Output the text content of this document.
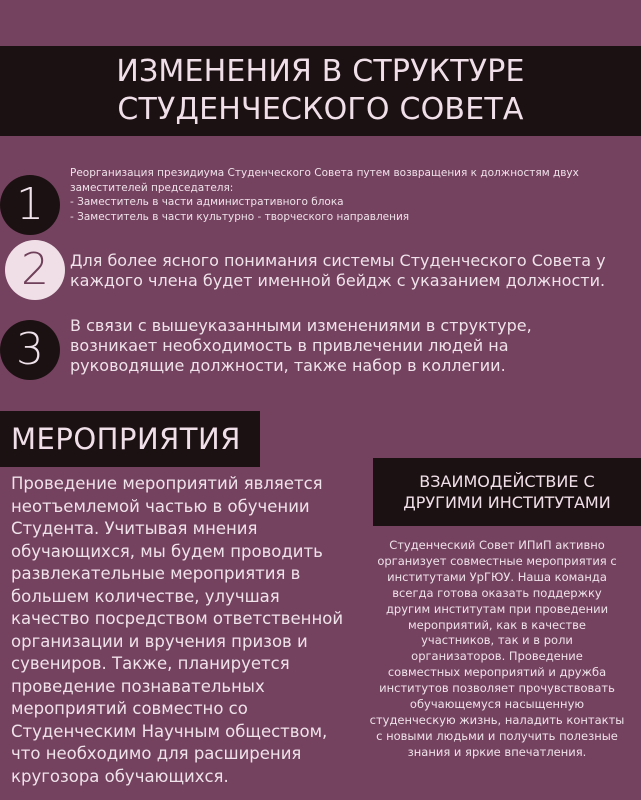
ИЗМЕНЕНИЯ В СТРУКТУРЕ
СТУДЕНЧЕСКОГО СОВЕТА
1
Реорганизация президиума Студенческого Совета путем возвращения к должностям двух
заместителей председателя:
- Заместитель в части административного блока
- Заместитель в части культурно - творческого направления
2	Для более ясного понимания системы Студенческого Совета у
каждого члена будет именной бейдж с указанием должности.
3	В связи с вышеуказанными изменениями в структуре,
возникает необходимость в привлечении людей на
руководящие должности, также набор в коллегии.
МЕРОПРИЯТИЯ
Проведение мероприятий является
неотъемлемой частью в обучении
Студента. Учитывая мнения
обучающихся, мы будем проводить
развлекательные мероприятия в
большем количестве, улучшая
качество посредством ответственной
организации и вручения призов и
сувениров. Также, планируется
проведение познавательных
мероприятий совместно со
Студенческим Научным обществом,
что необходимо для расширения
кругозора обучающихся.
ВЗАИМОДЕЙСТВИЕ С
ДРУГИМИ ИНСТИТУТАМИ
Студенческий Совет ИПиП активно
организует совместные мероприятия с
институтами УрГЮУ. Наша команда
всегда готова оказать поддержку
другим институтам при проведении
мероприятий, как в качестве
участников, так и в роли
организаторов. Проведение
совместных мероприятий и дружба
институтов позволяет прочувствовать
обучающемуся насыщенную
студенческую жизнь, наладить контакты
с новыми людьми и получить полезные
знания и яркие впечатления.
